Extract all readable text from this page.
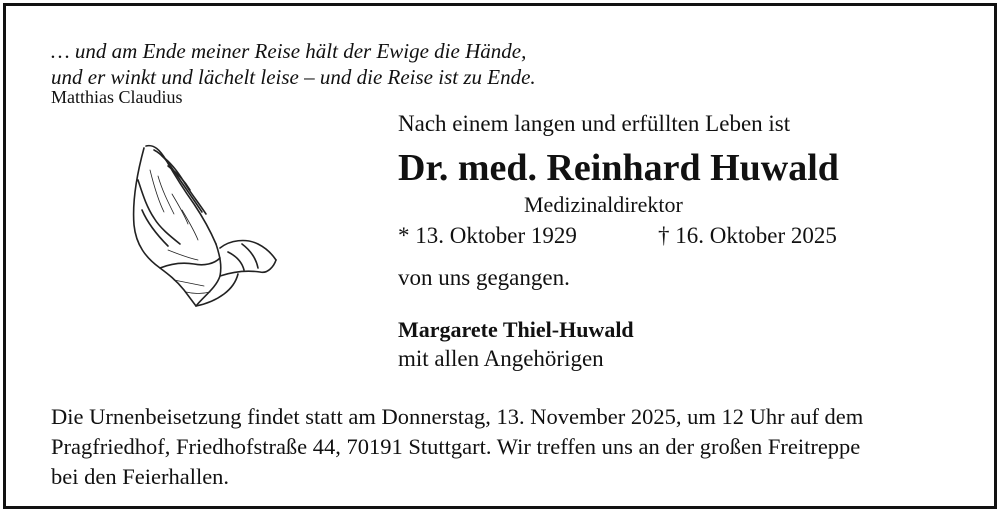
… und am Ende meiner Reise hält der Ewige die Hände,
und er winkt und lächelt leise – und die Reise ist zu Ende.
Matthias Claudius
Nach einem langen und erfüllten Leben ist
Dr. med. Reinhard Huwald
Medizinaldirektor
* 13. Oktober 1929	† 16. Oktober 2025
von uns gegangen.
Margarete Thiel-Huwald
mit allen Angehörigen
Die Urnenbeisetzung findet statt am Donnerstag, 13. November 2025, um 12 Uhr auf dem
Pragfriedhof, Friedhofstraße 44, 70191 Stuttgart. Wir treffen uns an der großen Freitreppe
bei den Feierhallen.
